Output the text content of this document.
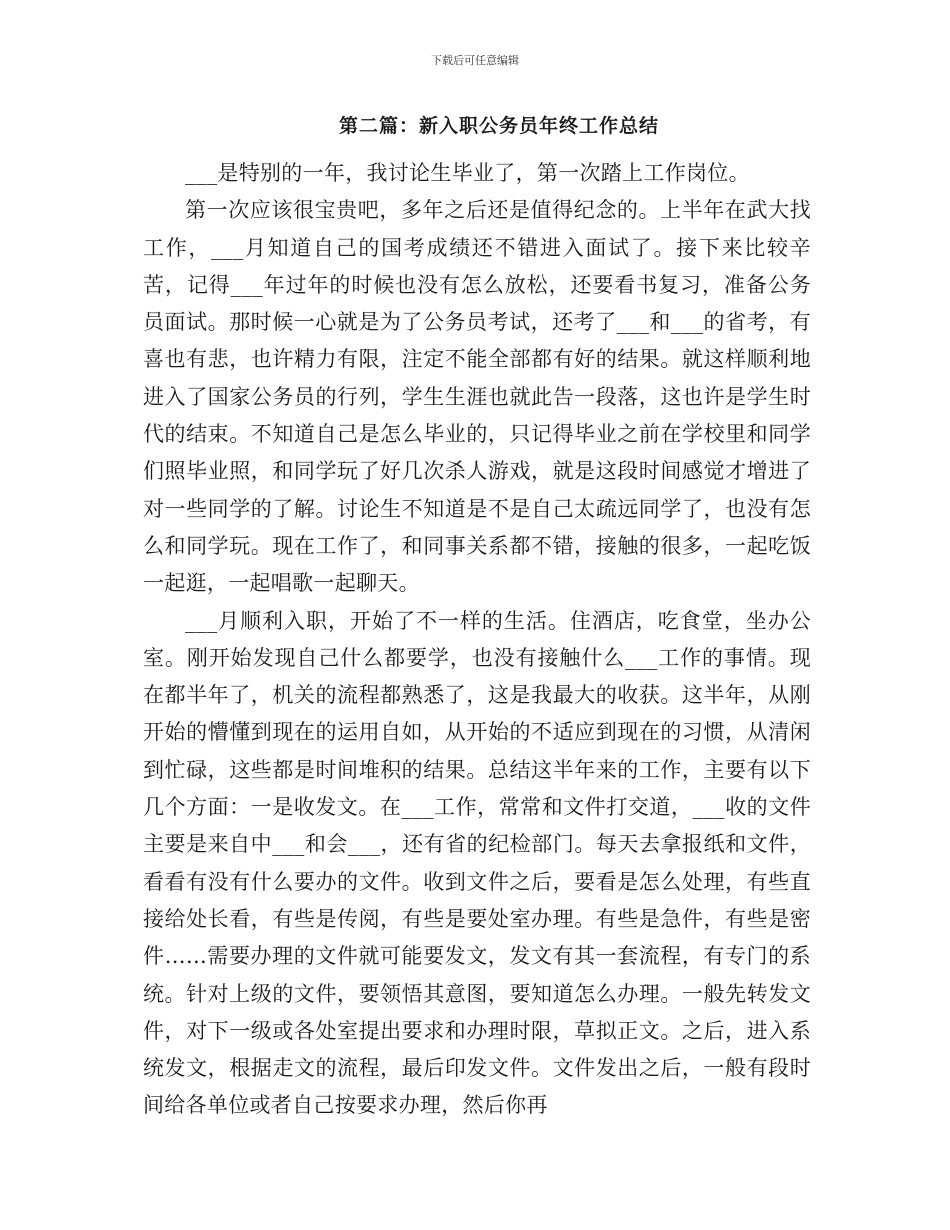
下载后可任意编辑
第二篇：新入职公务员年终工作总结

___是特别的一年，我讨论生毕业了，第一次踏上工作岗位。

第一次应该很宝贵吧，多年之后还是值得纪念的。上半年在武大找工作，___月知道自己的国考成绩还不错进入面试了。接下来比较辛苦，记得___年过年的时候也没有怎么放松，还要看书复习，准备公务员面试。那时候一心就是为了公务员考试，还考了___和___的省考，有喜也有悲，也许精力有限，注定不能全部都有好的结果。就这样顺利地进入了国家公务员的行列，学生生涯也就此告一段落，这也许是学生时代的结束。不知道自己是怎么毕业的，只记得毕业之前在学校里和同学们照毕业照，和同学玩了好几次杀人游戏，就是这段时间感觉才增进了对一些同学的了解。讨论生不知道是不是自己太疏远同学了，也没有怎么和同学玩。现在工作了，和同事关系都不错，接触的很多，一起吃饭一起逛，一起唱歌一起聊天。

___月顺利入职，开始了不一样的生活。住酒店，吃食堂，坐办公室。刚开始发现自己什么都要学，也没有接触什么___工作的事情。现在都半年了，机关的流程都熟悉了，这是我最大的收获。这半年，从刚开始的懵懂到现在的运用自如，从开始的不适应到现在的习惯，从清闲到忙碌，这些都是时间堆积的结果。总结这半年来的工作，主要有以下几个方面：一是收发文。在___工作，常常和文件打交道，___收的文件主要是来自中___和会___，还有省的纪检部门。每天去拿报纸和文件，看看有没有什么要办的文件。收到文件之后，要看是怎么处理，有些直接给处长看，有些是传阅，有些是要处室办理。有些是急件，有些是密件……需要办理的文件就可能要发文，发文有其一套流程，有专门的系统。针对上级的文件，要领悟其意图，要知道怎么办理。一般先转发文件，对下一级或各处室提出要求和办理时限，草拟正文。之后，进入系统发文，根据走文的流程，最后印发文件。文件发出之后，一般有段时间给各单位或者自己按要求办理，然后你再
